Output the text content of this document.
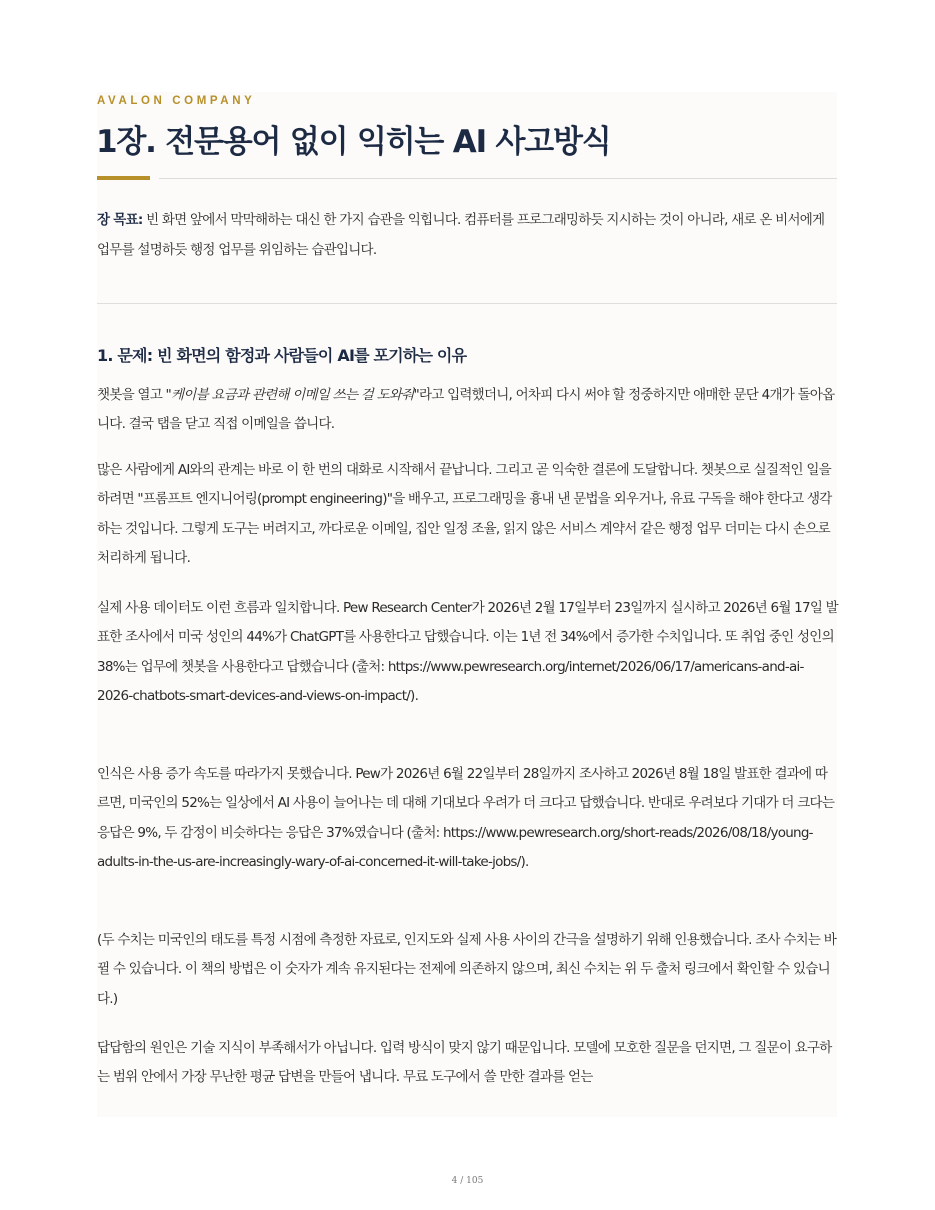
AVALON COMPANY
1장. 전문용어 없이 익히는 AI 사고방식

장 목표: 빈 화면 앞에서 막막해하는 대신 한 가지 습관을 익힙니다. 컴퓨터를 프로그래밍하듯 지시하는 것이 아니라, 새로 온 비서에게 업무를 설명하듯 행정 업무를 위임하는 습관입니다.

1. 문제: 빈 화면의 함정과 사람들이 AI를 포기하는 이유

챗봇을 열고 "케이블 요금과 관련해 이메일 쓰는 걸 도와줘"라고 입력했더니, 어차피 다시 써야 할 정중하지만 애매한 문단 4개가 돌아옵니다. 결국 탭을 닫고 직접 이메일을 씁니다.

많은 사람에게 AI와의 관계는 바로 이 한 번의 대화로 시작해서 끝납니다. 그리고 곧 익숙한 결론에 도달합니다. 챗봇으로 실질적인 일을 하려면 "프롬프트 엔지니어링(prompt engineering)"을 배우고, 프로그래밍을 흉내 낸 문법을 외우거나, 유료 구독을 해야 한다고 생각하는 것입니다. 그렇게 도구는 버려지고, 까다로운 이메일, 집안 일정 조율, 읽지 않은 서비스 계약서 같은 행정 업무 더미는 다시 손으로 처리하게 됩니다.

실제 사용 데이터도 이런 흐름과 일치합니다. Pew Research Center가 2026년 2월 17일부터 23일까지 실시하고 2026년 6월 17일 발표한 조사에서 미국 성인의 44%가 ChatGPT를 사용한다고 답했습니다. 이는 1년 전 34%에서 증가한 수치입니다. 또 취업 중인 성인의 38%는 업무에 챗봇을 사용한다고 답했습니다 (출처: https://www.pewresearch.org/internet/2026/06/17/americans-and-ai-2026-chatbots-smart-devices-and-views-on-impact/).

인식은 사용 증가 속도를 따라가지 못했습니다. Pew가 2026년 6월 22일부터 28일까지 조사하고 2026년 8월 18일 발표한 결과에 따르면, 미국인의 52%는 일상에서 AI 사용이 늘어나는 데 대해 기대보다 우려가 더 크다고 답했습니다. 반대로 우려보다 기대가 더 크다는 응답은 9%, 두 감정이 비슷하다는 응답은 37%였습니다 (출처: https://www.pewresearch.org/short-reads/2026/08/18/young-adults-in-the-us-are-increasingly-wary-of-ai-concerned-it-will-take-jobs/).

(두 수치는 미국인의 태도를 특정 시점에 측정한 자료로, 인지도와 실제 사용 사이의 간극을 설명하기 위해 인용했습니다. 조사 수치는 바뀔 수 있습니다. 이 책의 방법은 이 숫자가 계속 유지된다는 전제에 의존하지 않으며, 최신 수치는 위 두 출처 링크에서 확인할 수 있습니다.)

답답함의 원인은 기술 지식이 부족해서가 아닙니다. 입력 방식이 맞지 않기 때문입니다. 모델에 모호한 질문을 던지면, 그 질문이 요구하는 범위 안에서 가장 무난한 평균 답변을 만들어 냅니다. 무료 도구에서 쓸 만한 결과를 얻는

4 / 105
